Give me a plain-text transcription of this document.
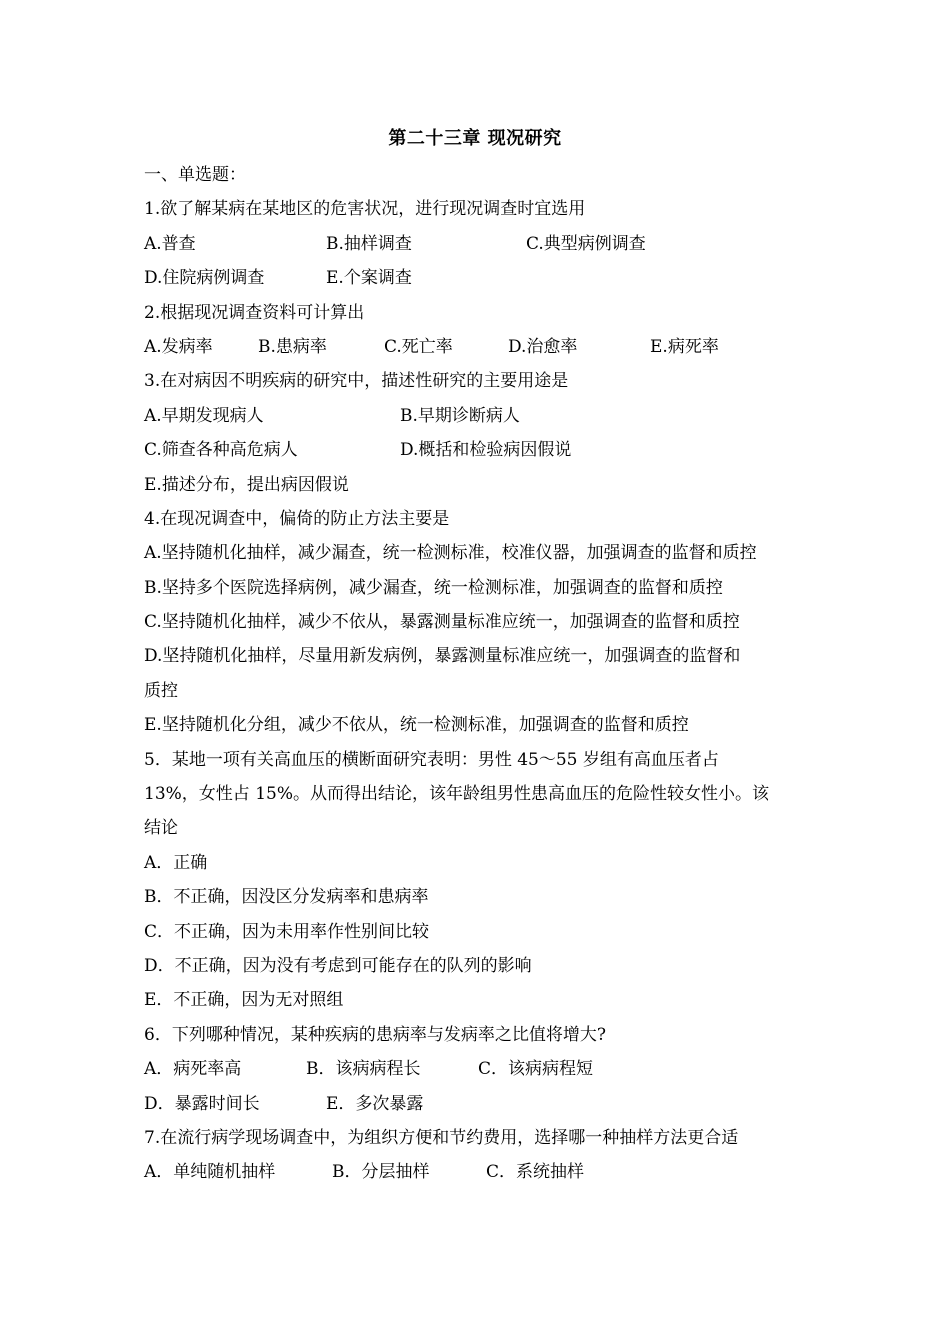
第二十三章 现况研究
一、单选题：
1.欲了解某病在某地区的危害状况，进行现况调查时宜选用
A.普查	B.抽样调查	C.典型病例调查
D.住院病例调查	E.个案调查
2.根据现况调查资料可计算出
A.发病率	B.患病率	C.死亡率	D.治愈率	E.病死率
3.在对病因不明疾病的研究中，描述性研究的主要用途是
A.早期发现病人	B.早期诊断病人
C.筛查各种高危病人	D.概括和检验病因假说
E.描述分布，提出病因假说
4.在现况调查中，偏倚的防止方法主要是
A.坚持随机化抽样，减少漏查，统一检测标准，校准仪器，加强调查的监督和质控
B.坚持多个医院选择病例，减少漏查，统一检测标准，加强调查的监督和质控
C.坚持随机化抽样，减少不依从，暴露测量标准应统一，加强调查的监督和质控
D.坚持随机化抽样，尽量用新发病例，暴露测量标准应统一，加强调查的监督和
质控
E.坚持随机化分组，减少不依从，统一检测标准，加强调查的监督和质控
5．某地一项有关高血压的横断面研究表明：男性 45～55 岁组有高血压者占
13%，女性占 15%。从而得出结论，该年龄组男性患高血压的危险性较女性小。该
结论
A．正确
B．不正确，因没区分发病率和患病率
C．不正确，因为未用率作性别间比较
D．不正确，因为没有考虑到可能存在的队列的影响
E．不正确，因为无对照组
6．下列哪种情况，某种疾病的患病率与发病率之比值将增大?
A．病死率高	B．该病病程长	C．该病病程短
D．暴露时间长	E．多次暴露
7.在流行病学现场调查中，为组织方便和节约费用，选择哪一种抽样方法更合适
A．单纯随机抽样	B．分层抽样	C．系统抽样
